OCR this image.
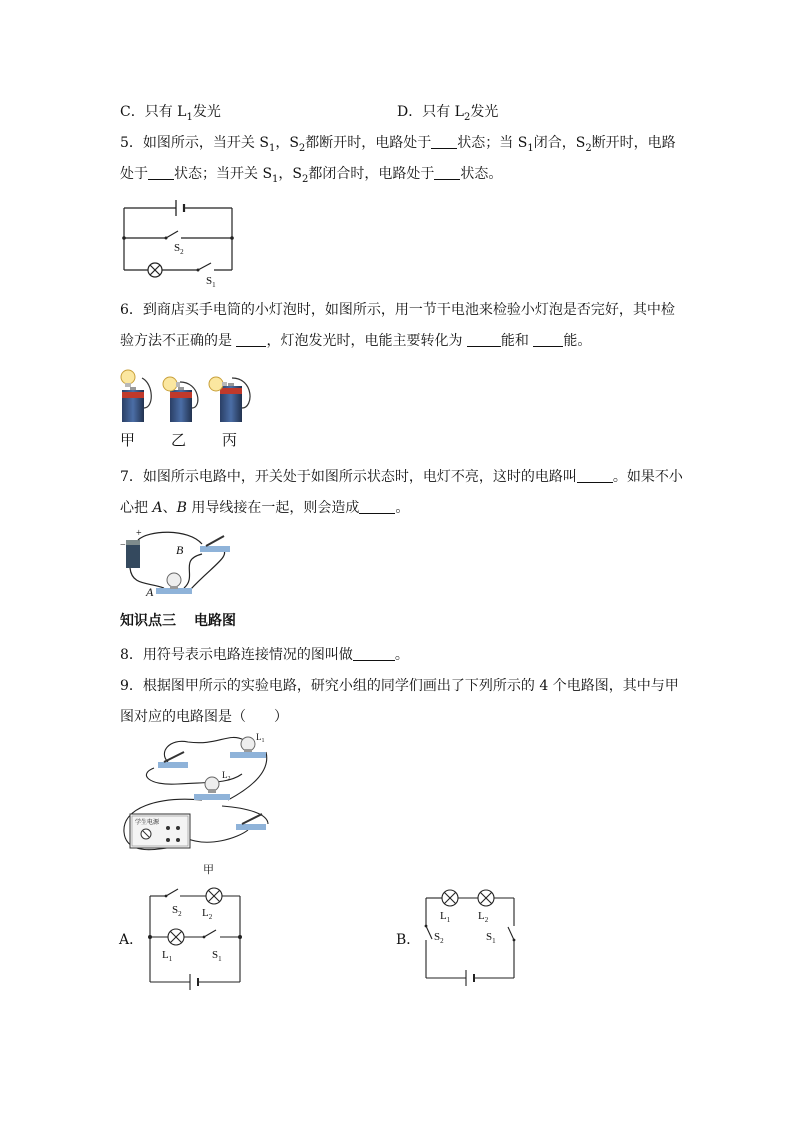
C．只有 $L_1$发光	D．只有 $L_2$发光
5．如图所示，当开关 $S_1$，$S_2$都断开时，电路处于 状态；当 $S_1$闭合，$S_2$断开时，电路
处于 状态；当开关 $S_1$，$S_2$都闭合时，电路处于 状态。
$S_2$
$S_1$
6．到商店买手电筒的小灯泡时，如图所示，用一节干电池来检验小灯泡是否完好，其中检
验方法不正确的是 ，灯泡发光时，电能主要转化为 能和 能。
甲 乙 丙
7．如图所示电路中，开关处于如图所示状态时，电灯不亮，这时的电路叫	。如果不小
心把 A、B 用导线接在一起，则会造成	。
+
−	B
A
知识点三 电路图
8．用符号表示电路连接情况的图叫做	。
9．根据图甲所示的实验电路，研究小组的同学们画出了下列所示的 4 个电路图，其中与甲
图对应的电路图是（　　）
$L_1$
$L_2$
学生电源
甲
A．
$S_2$ $L_2$
$L_1$	$S_1$
B．
$L_1$	$L_2$
$S_2$	$S_1$
